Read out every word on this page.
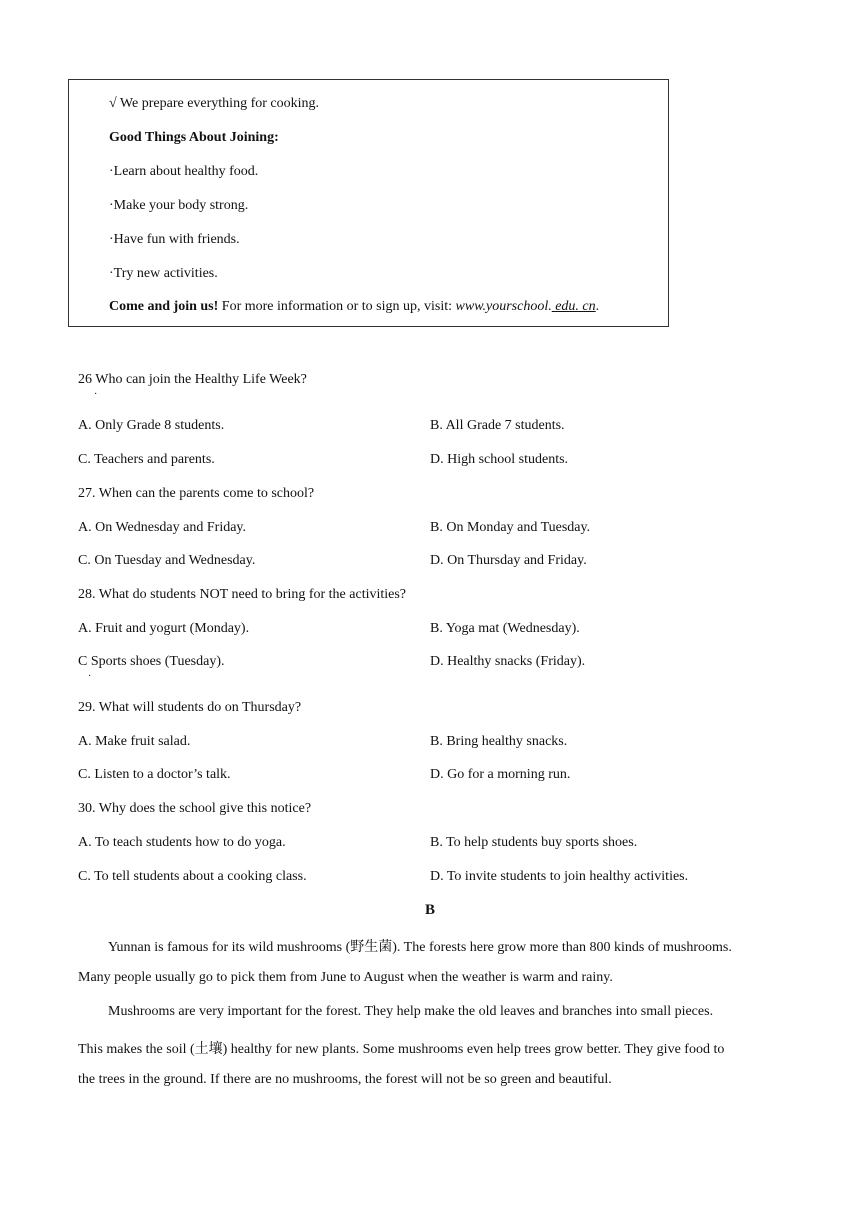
√ We prepare everything for cooking.
Good Things About Joining:
·Learn about healthy food.
·Make your body strong.
·Have fun with friends.
·Try new activities.
Come and join us! For more information or to sign up, visit: www.yourschool. edu. cn.
26 Who can join the Healthy Life Week?
·
A. Only Grade 8 students.	B. All Grade 7 students.
C. Teachers and parents.	D. High school students.
27. When can the parents come to school?
A. On Wednesday and Friday.	B. On Monday and Tuesday.
C. On Tuesday and Wednesday.	D. On Thursday and Friday.
28. What do students NOT need to bring for the activities?
A. Fruit and yogurt (Monday).	B. Yoga mat (Wednesday).
C Sports shoes (Tuesday).	D. Healthy snacks (Friday).
·
29. What will students do on Thursday?
A. Make fruit salad.	B. Bring healthy snacks.
C. Listen to a doctor’s talk.	D. Go for a morning run.
30. Why does the school give this notice?
A. To teach students how to do yoga.	B. To help students buy sports shoes.
C. To tell students about a cooking class.	D. To invite students to join healthy activities.
B
Yunnan is famous for its wild mushrooms (野生菌). The forests here grow more than 800 kinds of mushrooms.
Many people usually go to pick them from June to August when the weather is warm and rainy.
Mushrooms are very important for the forest. They help make the old leaves and branches into small pieces.
This makes the soil (土壤) healthy for new plants. Some mushrooms even help trees grow better. They give food to
the trees in the ground. If there are no mushrooms, the forest will not be so green and beautiful.
